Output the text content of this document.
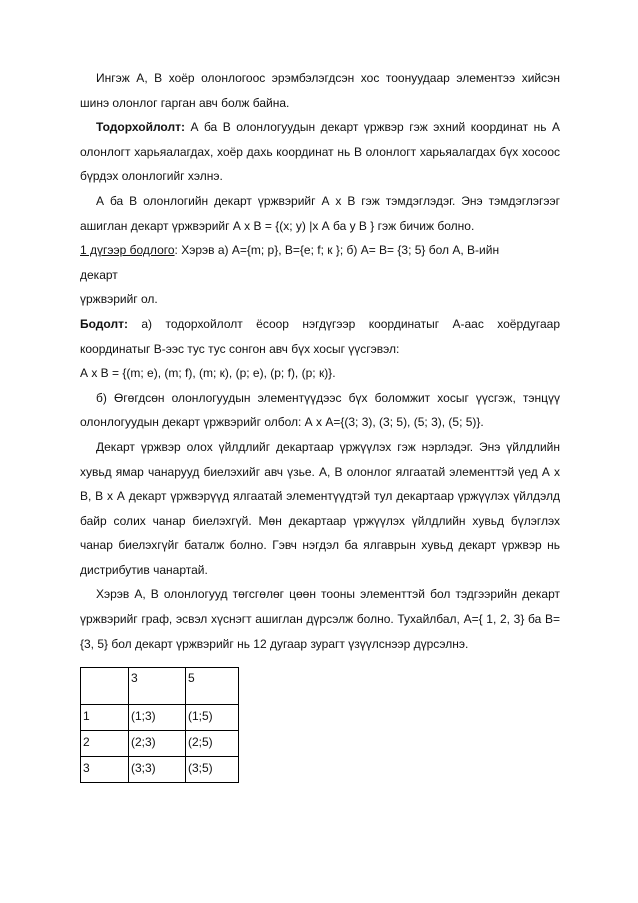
Ингэж А, В хоёр олонлогоос эрэмбэлэгдсэн хос тоонуудаар элементээ хийсэн шинэ олонлог гарган авч болж байна.

Тодорхойлолт: А ба В олонлогуудын декарт үржвэр гэж эхний координат нь А олонлогт харьяалагдах, хоёр дахь координат нь В олонлогт харьяалагдах бүх хосоос бүрдэх олонлогийг хэлнэ.

А ба В олонлогийн декарт үржвэрийг А х В гэж тэмдэглэдэг. Энэ тэмдэглэгээг ашиглан декарт үржвэрийг А х В = {(х; у) |х А ба у В } гэж бичиж болно.

1 дүгээр бодлого: Хэрэв а) А={m; p}, В={е; f; к }; б) А= В= {3; 5} бол А, В-ийн
декарт
үржвэрийг ол.

Бодолт: а) тодорхойлолт ёсоор нэгдүгээр координатыг А-аас хоёрдугаар координатыг В-ээс тус тус сонгон авч бүх хосыг үүсгэвэл:

А х В = {(m; е), (m; f), (m; к), (р; е), (р; f), (р; к)}.

б) Өгөгдсөн олонлогуудын элементүүдээс бүх боломжит хосыг үүсгэж, тэнцүү олонлогуудын декарт үржвэрийг олбол: А х А={(3; 3), (3; 5), (5; 3), (5; 5)}.

Декарт үржвэр олох үйлдлийг декартаар үржүүлэх гэж нэрлэдэг. Энэ үйлдлийн хувьд ямар чанарууд биелэхийг авч үзье. А, В олонлог ялгаатай элементтэй үед А х В, В х А декарт үржвэрүүд ялгаатай элементүүдтэй тул декартаар үржүүлэх үйлдэлд байр солих чанар биелэхгүй. Мөн декартаар үржүүлэх үйлдлийн хувьд бүлэглэх чанар биелэхгүйг баталж болно. Гэвч нэгдэл ба ялгаврын хувьд декарт үржвэр нь дистрибутив чанартай.

Хэрэв А, В олонлогууд төгсгөлөг цөөн тооны элементтэй бол тэдгээрийн декарт үржвэрийг граф, эсвэл хүснэгт ашиглан дүрсэлж болно. Тухайлбал, А={ 1, 2, 3} ба В={3, 5} бол декарт үржвэрийг нь 12 дугаар зурагт үзүүлснээр дүрсэлнэ.

	3	5
1	(1;3)	(1;5)
2	(2;3)	(2;5)
3	(3;3)	(3;5)
